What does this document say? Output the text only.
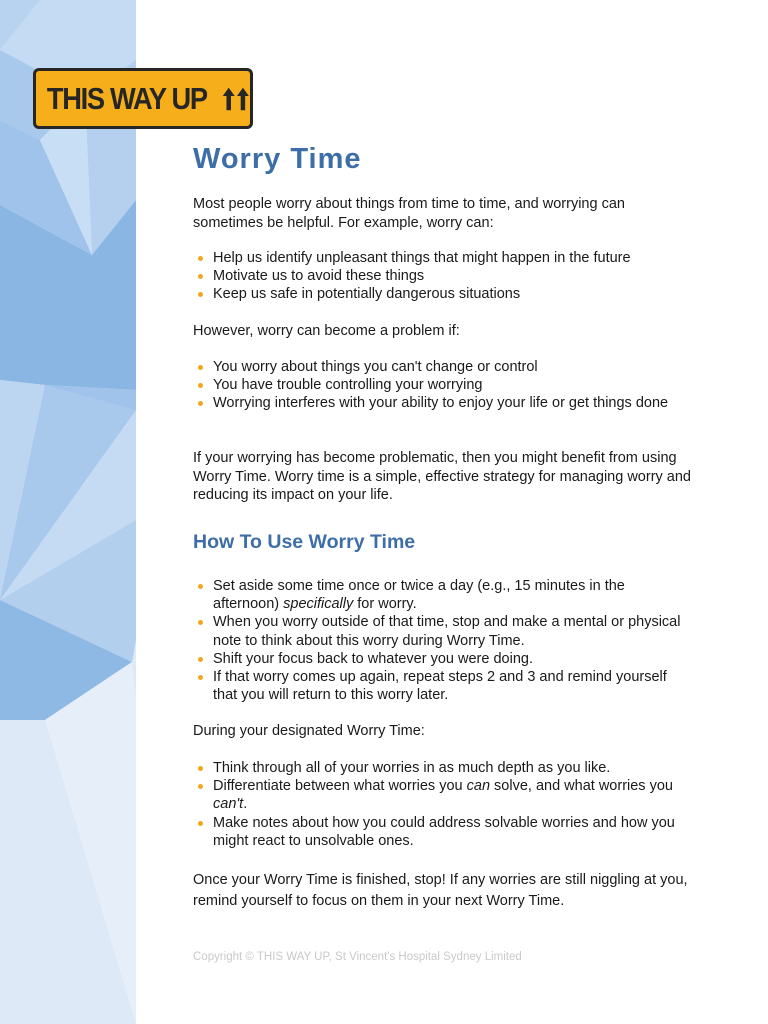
THIS WAY UP
Worry Time

Most people worry about things from time to time, and worrying can sometimes be helpful. For example, worry can:

Help us identify unpleasant things that might happen in the future
Motivate us to avoid these things
Keep us safe in potentially dangerous situations

However, worry can become a problem if:

You worry about things you can't change or control
You have trouble controlling your worrying
Worrying interferes with your ability to enjoy your life or get things done

If your worrying has become problematic, then you might benefit from using Worry Time. Worry time is a simple, effective strategy for managing worry and reducing its impact on your life.

How To Use Worry Time
Set aside some time once or twice a day (e.g., 15 minutes in the afternoon) specifically for worry.
When you worry outside of that time, stop and make a mental or physical note to think about this worry during Worry Time.
Shift your focus back to whatever you were doing.
If that worry comes up again, repeat steps 2 and 3 and remind yourself that you will return to this worry later.

During your designated Worry Time:

Think through all of your worries in as much depth as you like.
Differentiate between what worries you can solve, and what worries you can't.
Make notes about how you could address solvable worries and how you might react to unsolvable ones.

Once your Worry Time is finished, stop! If any worries are still niggling at you, remind yourself to focus on them in your next Worry Time.

Copyright © THIS WAY UP, St Vincent's Hospital Sydney Limited
